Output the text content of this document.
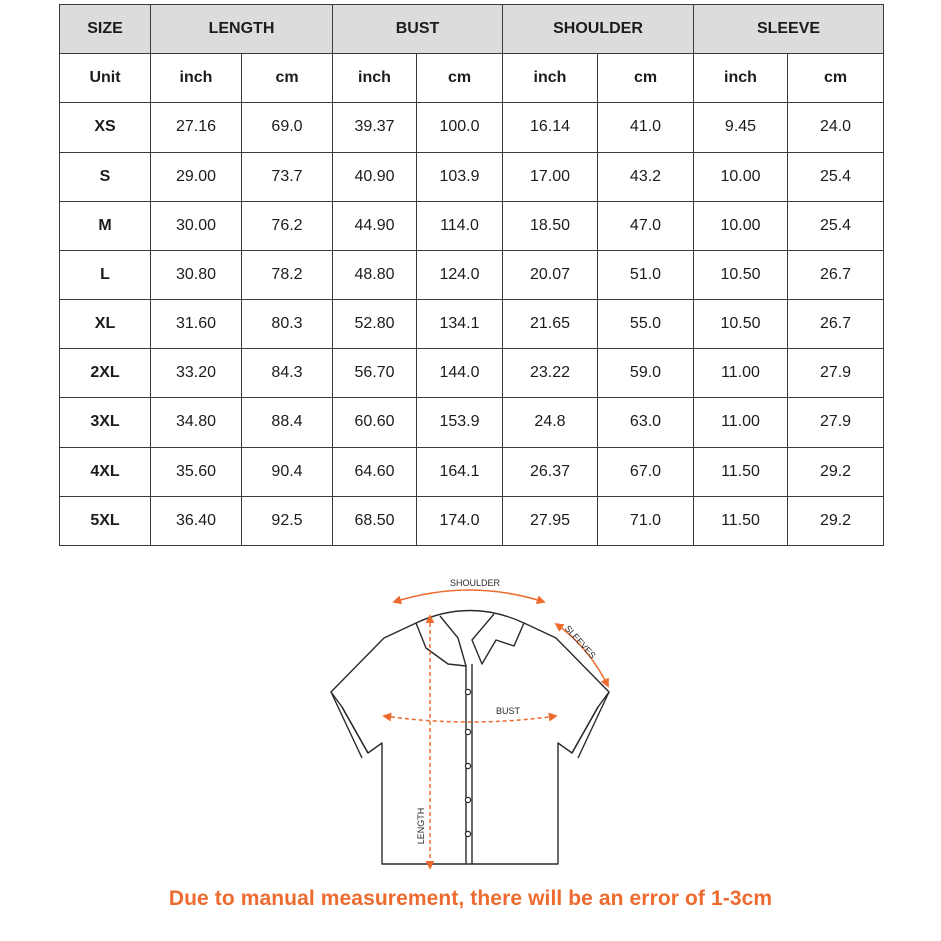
SIZE	LENGTH		BUST		SHOULDER		SLEEVE	
Unit	inch	cm	inch	cm	inch	cm	inch	cm
XS	27.16	69.0	39.37	100.0	16.14	41.0	9.45	24.0
S	29.00	73.7	40.90	103.9	17.00	43.2	10.00	25.4
M	30.00	76.2	44.90	114.0	18.50	47.0	10.00	25.4
L	30.80	78.2	48.80	124.0	20.07	51.0	10.50	26.7
XL	31.60	80.3	52.80	134.1	21.65	55.0	10.50	26.7
2XL	33.20	84.3	56.70	144.0	23.22	59.0	11.00	27.9
3XL	34.80	88.4	60.60	153.9	24.8	63.0	11.00	27.9
4XL	35.60	90.4	64.60	164.1	26.37	67.0	11.50	29.2
5XL	36.40	92.5	68.50	174.0	27.95	71.0	11.50	29.2
SHOULDER
SLEEVES
BUST
LENGTH
Due to manual measurement, there will be an error of 1-3cm
